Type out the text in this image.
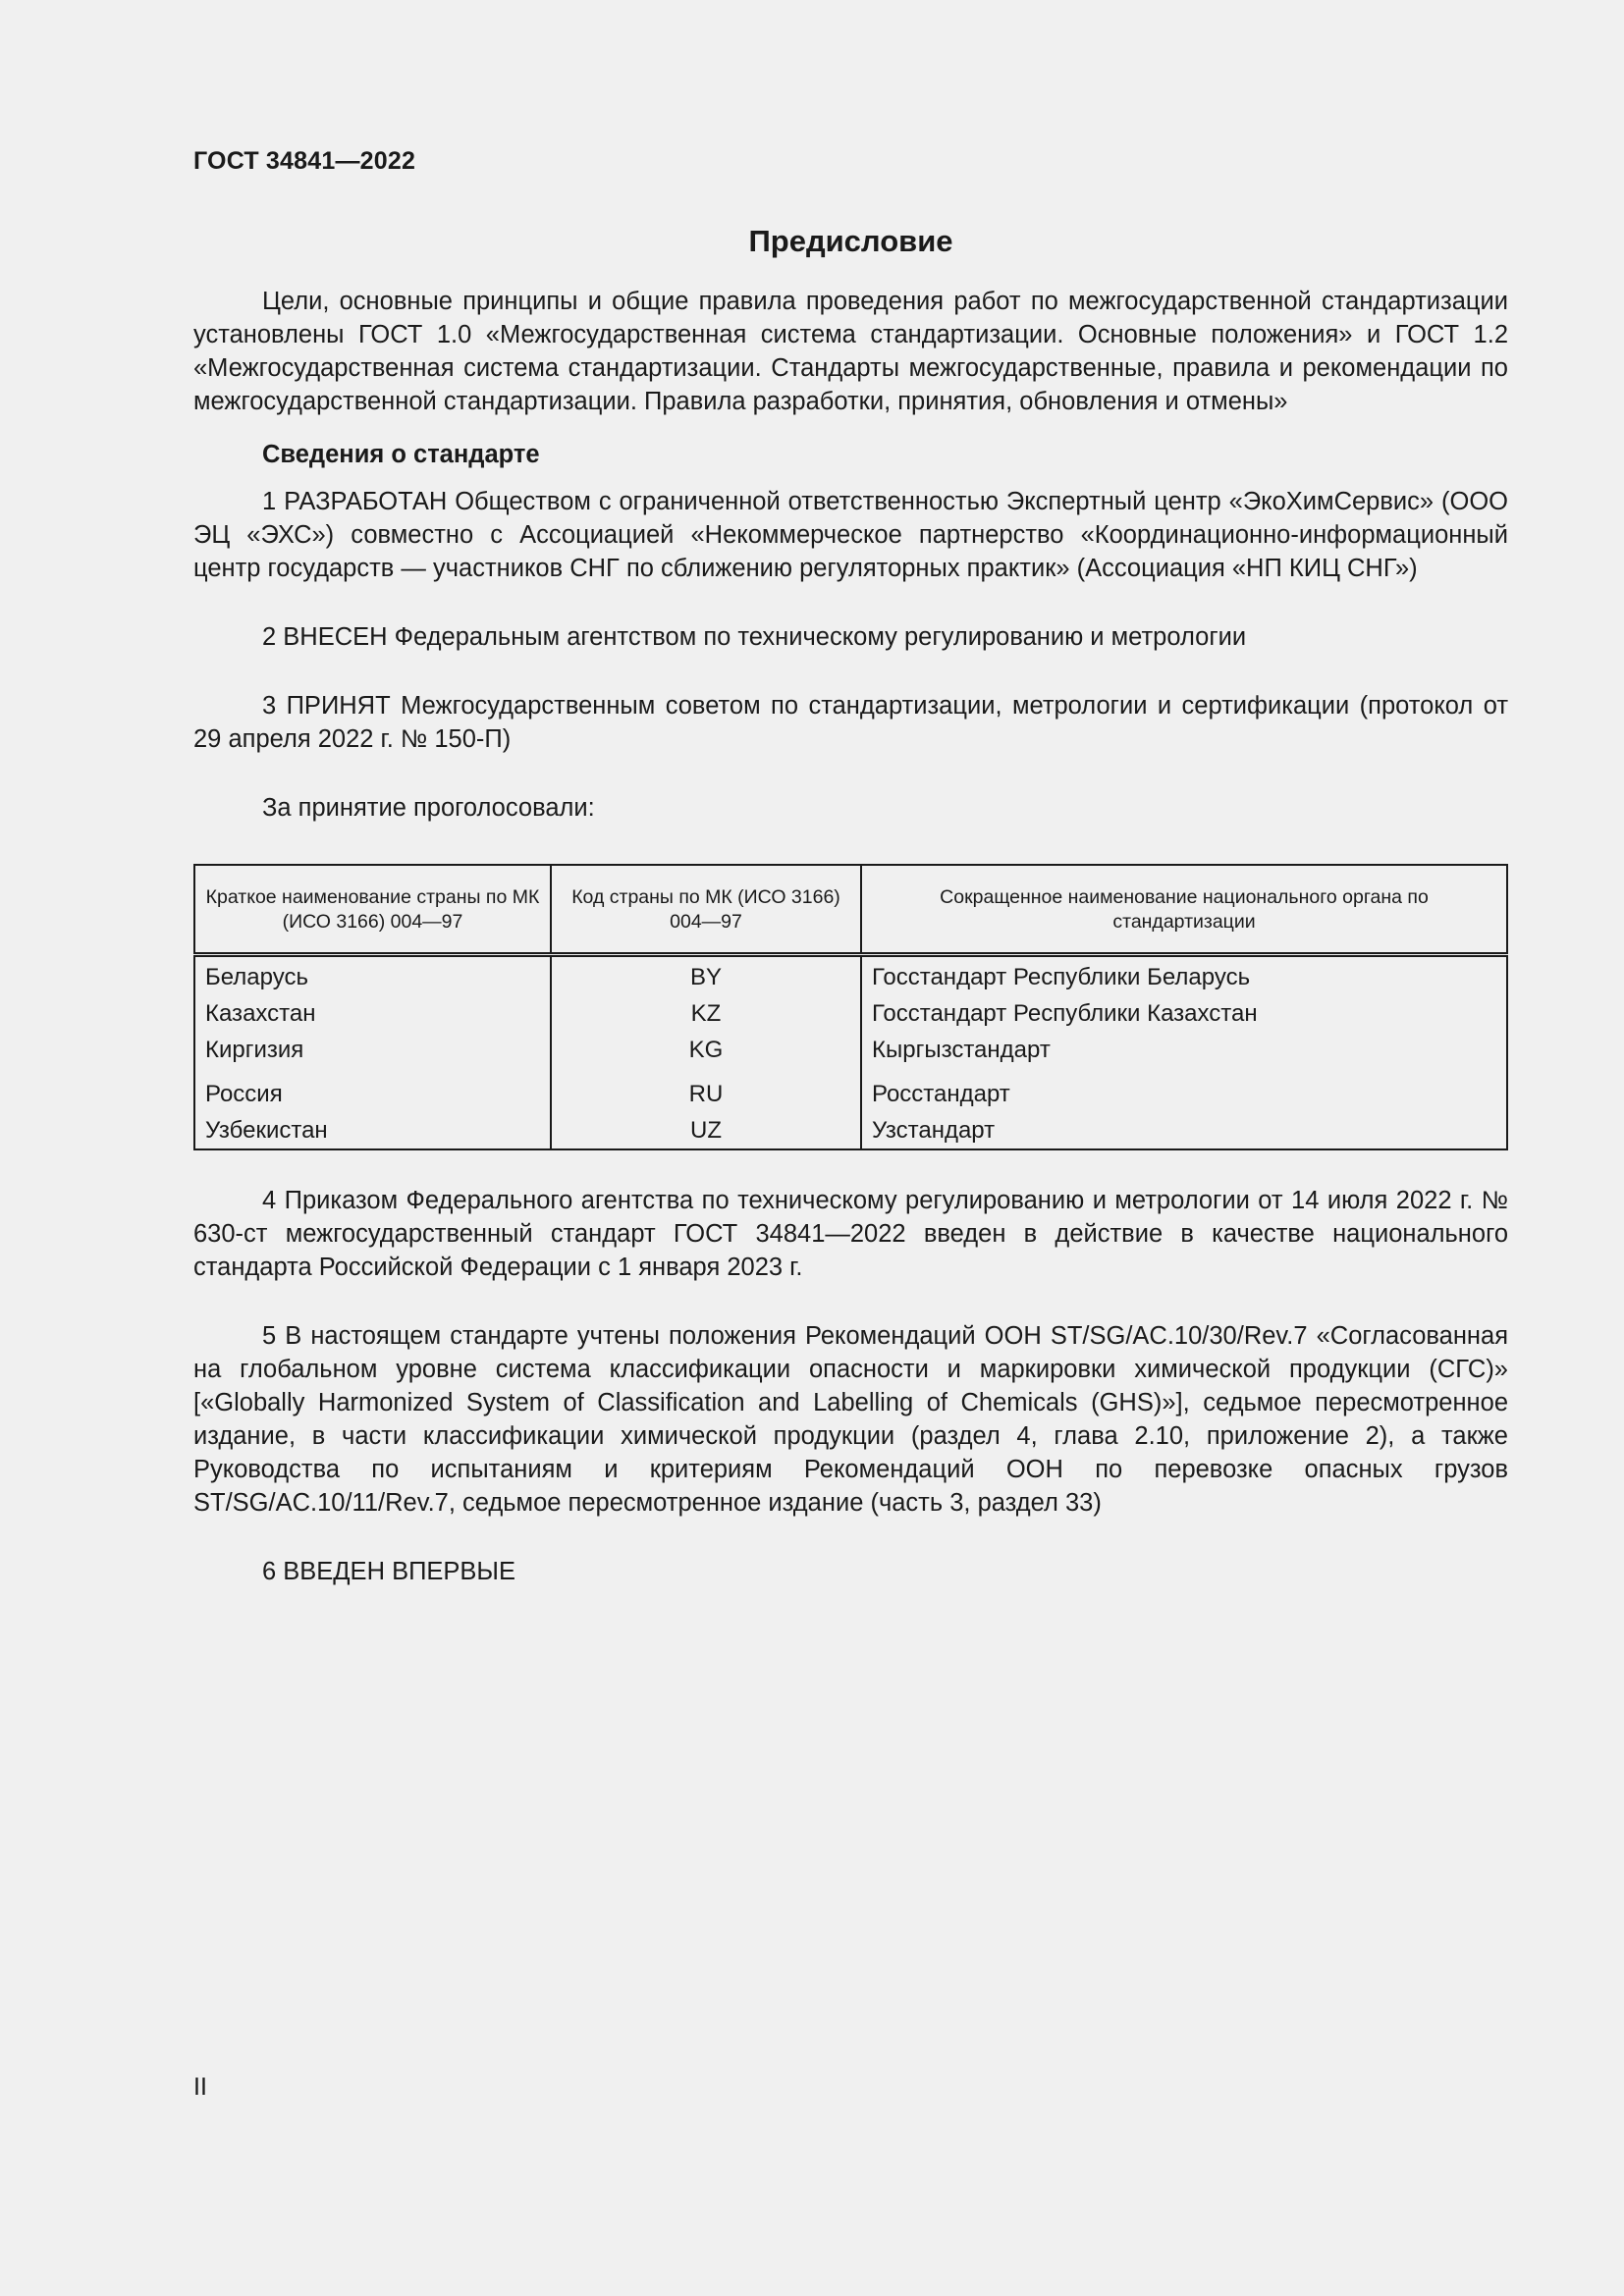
ГОСТ 34841—2022
Предисловие

Цели, основные принципы и общие правила проведения работ по межгосударственной стандартизации установлены ГОСТ 1.0 «Межгосударственная система стандартизации. Основные положения» и ГОСТ 1.2 «Межгосударственная система стандартизации. Стандарты межгосударственные, правила и рекомендации по межгосударственной стандартизации. Правила разработки, принятия, обновления и отмены»

Сведения о стандарте

1 РАЗРАБОТАН Обществом с ограниченной ответственностью Экспертный центр «ЭкоХимСервис» (ООО ЭЦ «ЭХС») совместно с Ассоциацией «Некоммерческое партнерство «Координационно-информационный центр государств — участников СНГ по сближению регуляторных практик» (Ассоциация «НП КИЦ СНГ»)

2 ВНЕСЕН Федеральным агентством по техническому регулированию и метрологии

3 ПРИНЯТ Межгосударственным советом по стандартизации, метрологии и сертификации (протокол от 29 апреля 2022 г. № 150-П)

За принятие проголосовали:

Краткое наименование страны по МК (ИСО 3166) 004—97	Код страны по МК (ИСО 3166) 004—97	Сокращенное наименование национального органа по стандартизации
Беларусь	BY	Госстандарт Республики Беларусь
Казахстан	KZ	Госстандарт Республики Казахстан
Киргизия	KG	Кыргызстандарт
Россия	RU	Росстандарт
Узбекистан	UZ	Узстандарт

4 Приказом Федерального агентства по техническому регулированию и метрологии от 14 июля 2022 г. № 630-ст межгосударственный стандарт ГОСТ 34841—2022 введен в действие в качестве национального стандарта Российской Федерации с 1 января 2023 г.

5 В настоящем стандарте учтены положения Рекомендаций ООН ST/SG/AC.10/30/Rev.7 «Согласованная на глобальном уровне система классификации опасности и маркировки химической продукции (СГС)» [«Globally Harmonized System of Classification and Labelling of Chemicals (GHS)»], седьмое пересмотренное издание, в части классификации химической продукции (раздел 4, глава 2.10, приложение 2), а также Руководства по испытаниям и критериям Рекомендаций ООН по перевозке опасных грузов ST/SG/AC.10/11/Rev.7, седьмое пересмотренное издание (часть 3, раздел 33)

6 ВВЕДЕН ВПЕРВЫЕ

II
